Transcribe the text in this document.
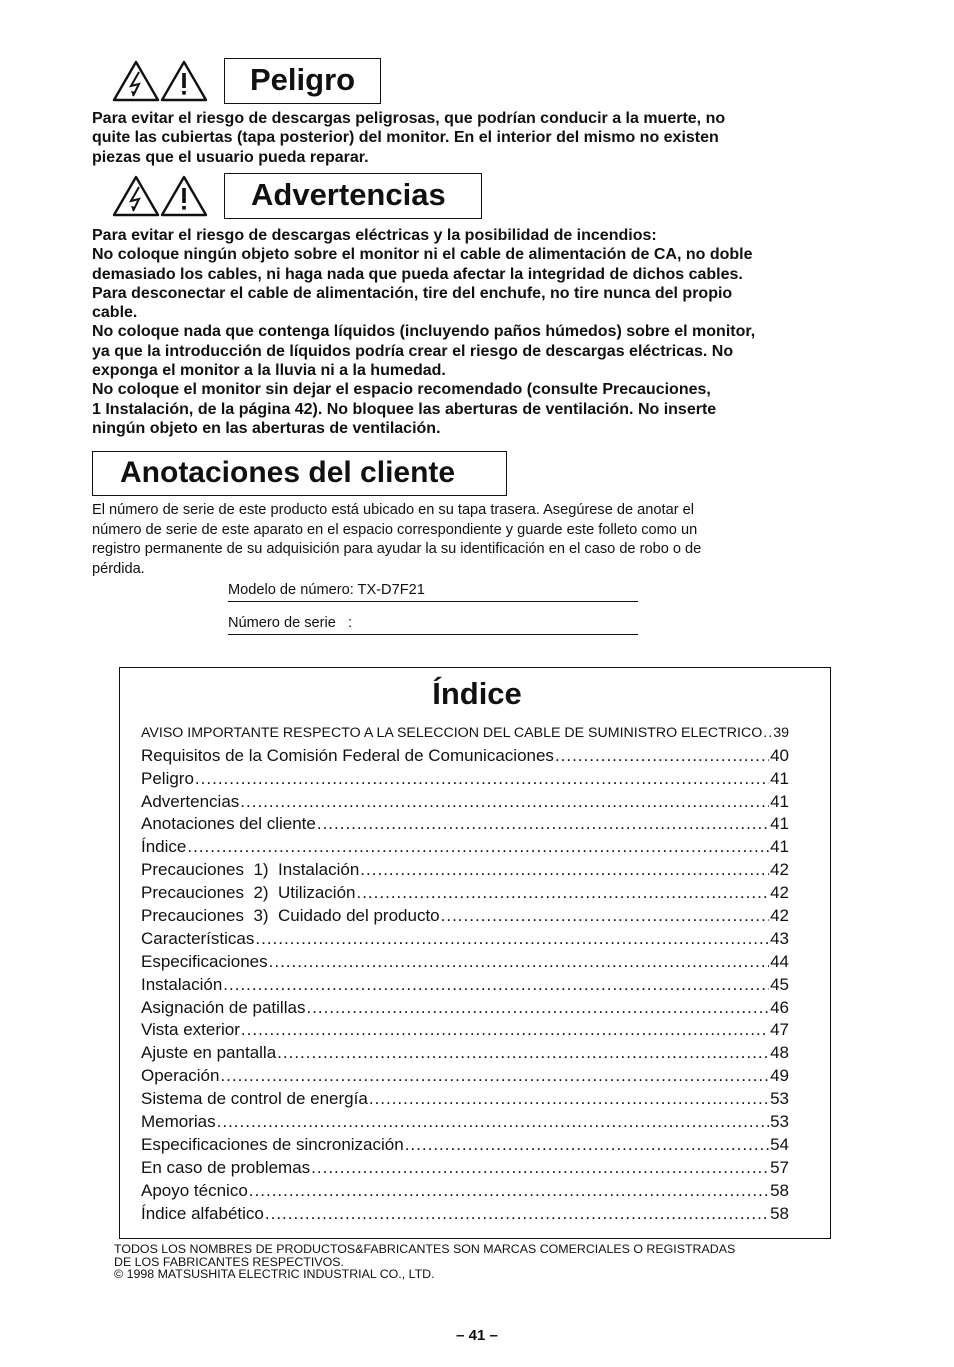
Peligro

Para evitar el riesgo de descargas peligrosas, que podrían conducir a la muerte, no

quite las cubiertas (tapa posterior) del monitor. En el interior del mismo no existen

piezas que el usuario pueda reparar.

Advertencias

Para evitar el riesgo de descargas eléctricas y la posibilidad de incendios:

No coloque ningún objeto sobre el monitor ni el cable de alimentación de CA, no doble

demasiado los cables, ni haga nada que pueda afectar la integridad de dichos cables.

Para desconectar el cable de alimentación, tire del enchufe, no tire nunca del propio

cable.

No coloque nada que contenga líquidos (incluyendo paños húmedos) sobre el monitor,

ya que la introducción de líquidos podría crear el riesgo de descargas eléctricas. No

exponga el monitor a la lluvia ni a la humedad.

No coloque el monitor sin dejar el espacio recomendado (consulte Precauciones,

1 Instalación, de la página 42). No bloquee las aberturas de ventilación. No inserte

ningún objeto en las aberturas de ventilación.

Anotaciones del cliente
El número de serie de este producto está ubicado en su tapa trasera. Asegúrese de anotar el
número de serie de este aparato en el espacio correspondiente y guarde este folleto como un
registro permanente de su adquisición para ayudar la su identificación en el caso de robo o de
pérdida.
Modelo de número: TX-D7F21
Número de serie   :
Índice
AVISO IMPORTANTE RESPECTO A LA SELECCION DEL CABLE DE SUMINISTRO ELECTRICO ..... 39
Requisitos de la Comisión Federal de Comunicaciones .....	40
Peligro .....	41
Advertencias .....	41
Anotaciones del cliente .....	41
Índice .....	41
Precauciones  1)  Instalación .....	42
Precauciones  2)  Utilización .....	42
Precauciones  3)  Cuidado del producto .....	42
Características .....	43
Especificaciones .....	44
Instalación .....	45
Asignación de patillas .....	46
Vista exterior .....	47
Ajuste en pantalla .....	48
Operación .....	49
Sistema de control de energía .....	53
Memorias .....	53
Especificaciones de sincronización .....	54
En caso de problemas .....	57
Apoyo técnico .....	58
Índice alfabético .....	58

TODOS LOS NOMBRES DE PRODUCTOS&FABRICANTES SON MARCAS COMERCIALES O REGISTRADAS

DE LOS FABRICANTES RESPECTIVOS.

© 1998 MATSUSHITA ELECTRIC INDUSTRIAL CO., LTD.

– 41 –
